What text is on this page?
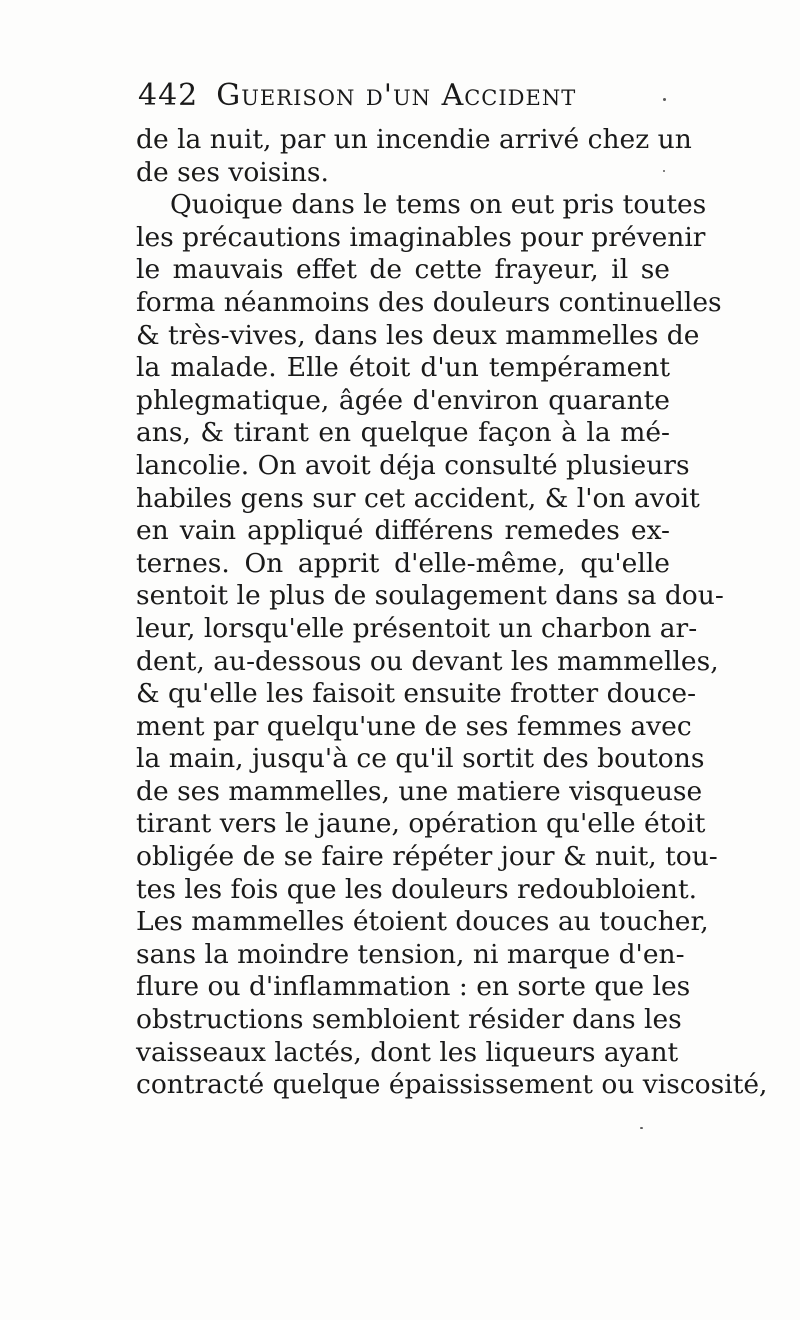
442 Guerison d'un Accident
de la nuit, par un incendie arrivé chez un
de ses voisins.
Quoique dans le tems on eut pris toutes
les précautions imaginables pour prévenir
le mauvais effet de cette frayeur, il se
forma néanmoins des douleurs continuelles
& très-vives, dans les deux mammelles de
la malade. Elle étoit d'un tempérament
phlegmatique, âgée d'environ quarante
ans, & tirant en quelque façon à la mé-
lancolie. On avoit déja consulté plusieurs
habiles gens sur cet accident, & l'on avoit
en vain appliqué différens remedes ex-
ternes. On apprit d'elle-même, qu'elle
sentoit le plus de soulagement dans sa dou-
leur, lorsqu'elle présentoit un charbon ar-
dent, au-dessous ou devant les mammelles,
& qu'elle les faisoit ensuite frotter douce-
ment par quelqu'une de ses femmes avec
la main, jusqu'à ce qu'il sortit des boutons
de ses mammelles, une matiere visqueuse
tirant vers le jaune, opération qu'elle étoit
obligée de se faire répéter jour & nuit, tou-
tes les fois que les douleurs redoubloient.
Les mammelles étoient douces au toucher,
sans la moindre tension, ni marque d'en-
flure ou d'inflammation : en sorte que les
obstructions sembloient résider dans les
vaisseaux lactés, dont les liqueurs ayant
contracté quelque épaississement ou viscosité,
